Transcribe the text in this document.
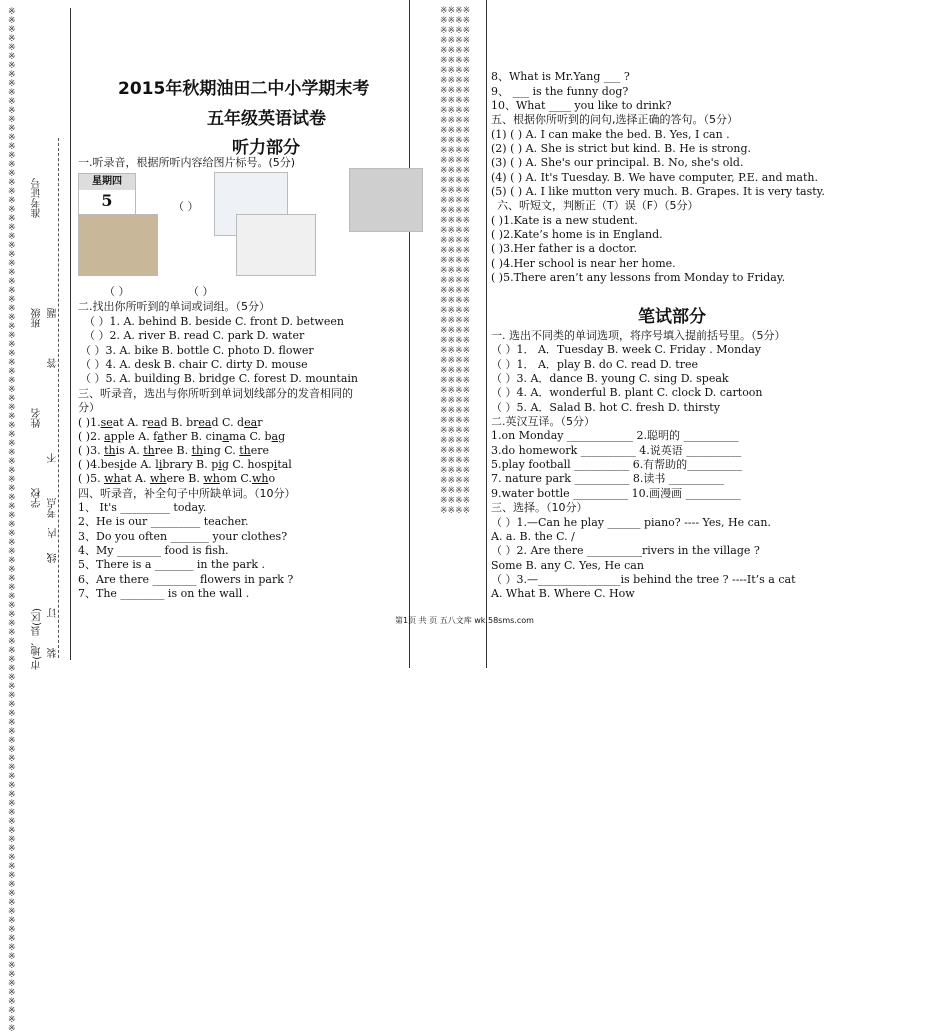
※※※※※※※※※※※※※※※※※※※※※※※※※※※※※※※※※※※※※※※※※※※※※※※※※※※※※※※※※※※※※※※※※※※※※※※※※※※※※※※※※※※※※※※※※※※※※※※※※※※※※※※※※※※※※※※※※※
准考证号
班级
姓名
学校
市(地、县(区)
考点
题
答
不
内
线
订
装
※※※※※※※※※※※※※※※※※※※※※※※※※※※※※※※※※※※※※※※※※※※※※※※※※※※※※※※※※※※※※※※※※※※※※※※※※※※※※※※※※※※※※※※※※※※※※※※※※※※※※※※※※※※※※※※※※※※※※※※※※※※※※※※※※※※※※※※※※※※※※※※※※※※※※※※※※※※※※※※※※※※※※※※※※※※※※※※※※※※※※※※※※※※※※※※※※※※※※※※※※※※※
2015年秋期油田二中小学期末考
五年级英语试卷
听力部分
一.听录音，根据所听内容给图片标号。(5分)
星期四
5	（ ）
（ ）	（ ）
二.找出你所听到的单词或词组。（5分）
（ ）1. A. behind B. beside C. front D. between
（ ）2. A. river B. read C. park D. water
（ ）3. A. bike B. bottle C. photo D. flower
（ ）4. A. desk B. chair C. dirty D. mouse
（ ）5. A. building B. bridge C. forest D. mountain
三、听录音，选出与你所听到单词划线部分的发音相同的
分）
( )1.seat A. read B. bread C. dear
( )2. apple A. father B. cinama C. bag
( )3. this A. three B. thing C. there
( )4.beside A. library B. pig C. hospital
( )5. what A. where B. whom C.who
四、听录音，补全句子中所缺单词。（10分）
1、 It's _________ today.
2、He is our _________ teacher.
3、Do you often _______ your clothes?
4、My ________ food is fish.
5、There is a _______ in the park .
6、Are there ________ flowers in park ?
7、The ________ is on the wall .
8、What is Mr.Yang ___ ?
9、 ___ is the funny dog?
10、What ____ you like to drink?
五、根据你所听到的问句,选择正确的答句。（5分）
(1) ( ) A. I can make the bed. B. Yes, I can .
(2) ( ) A. She is strict but kind. B. He is strong.
(3) ( ) A. She's our principal. B. No, she's old.
(4) ( ) A. It's Tuesday. B. We have computer, P.E. and math.
(5) ( ) A. I like mutton very much. B. Grapes. It is very tasty.
六、听短文，判断正（T）误（F）（5分）
( )1.Kate is a new student.
( )2.Kate’s home is in England.
( )3.Her father is a doctor.
( )4.Her school is near her home.
( )5.There aren’t any lessons from Monday to Friday.
笔试部分
一. 选出不同类的单词选项，将序号填入提前括号里。（5分）
（ ）1． A．Tuesday B. week C. Friday . Monday
（ ）1． A．play B. do C. read D. tree
（ ）3. A．dance B. young C. sing D. speak
（ ）4. A．wonderful B. plant C. clock D. cartoon
（ ）5. A．Salad B. hot C. fresh D. thirsty
二.英汉互译。（5分）
1.on Monday ____________ 2.聪明的 __________
3.do homework __________ 4.说英语 __________
5.play football __________ 6.有帮助的__________
7. nature park __________ 8.读书 __________
9.water bottle __________ 10.画漫画 __________
三、选择。（10分）
（ ）1.—Can he play ______ piano? ---- Yes, He can.
A. a. B. the C. /
（ ）2. Are there __________rivers in the village ?
Some B. any C. Yes, He can
（ ）3.—_______________is behind the tree ? ----It’s a cat
A. What B. Where C. How
第1页 共 页 五八文库 wk.58sms.com
